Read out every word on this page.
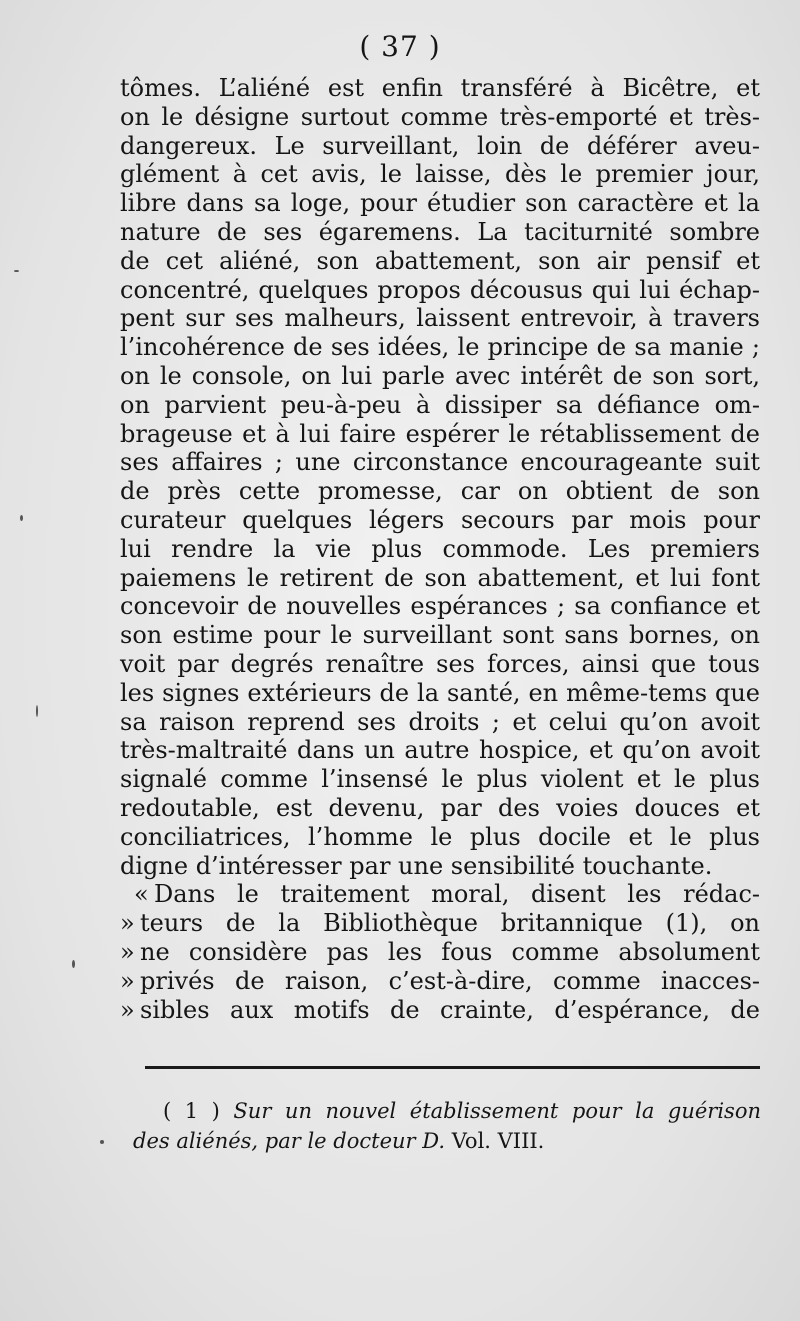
( 37 )
tômes. L’aliéné est enfin transféré à Bicêtre, et
on le désigne surtout comme très-emporté et très-
dangereux. Le surveillant, loin de déférer aveu-
glément à cet avis, le laisse, dès le premier jour,
libre dans sa loge, pour étudier son caractère et la
nature de ses égaremens. La taciturnité sombre
de cet aliéné, son abattement, son air pensif et
concentré, quelques propos décousus qui lui échap-
pent sur ses malheurs, laissent entrevoir, à travers
l’incohérence de ses idées, le principe de sa manie ;
on le console, on lui parle avec intérêt de son sort,
on parvient peu-à-peu à dissiper sa défiance om-
brageuse et à lui faire espérer le rétablissement de
ses affaires ; une circonstance encourageante suit
de près cette promesse, car on obtient de son
curateur quelques légers secours par mois pour
lui rendre la vie plus commode. Les premiers
paiemens le retirent de son abattement, et lui font
concevoir de nouvelles espérances ; sa confiance et
son estime pour le surveillant sont sans bornes, on
voit par degrés renaître ses forces, ainsi que tous
les signes extérieurs de la santé, en même-tems que
sa raison reprend ses droits ; et celui qu’on avoit
très-maltraité dans un autre hospice, et qu’on avoit
signalé comme l’insensé le plus violent et le plus
redoutable, est devenu, par des voies douces et
conciliatrices, l’homme le plus docile et le plus
digne d’intéresser par une sensibilité touchante.
« Dans le traitement moral, disent les rédac-
» teurs de la Bibliothèque britannique (1), on
» ne considère pas les fous comme absolument
» privés de raison, c’est-à-dire, comme inacces-
» sibles aux motifs de crainte, d’espérance, de
( 1 ) Sur un nouvel établissement pour la guérison
des aliénés, par le docteur D. Vol. VIII.
